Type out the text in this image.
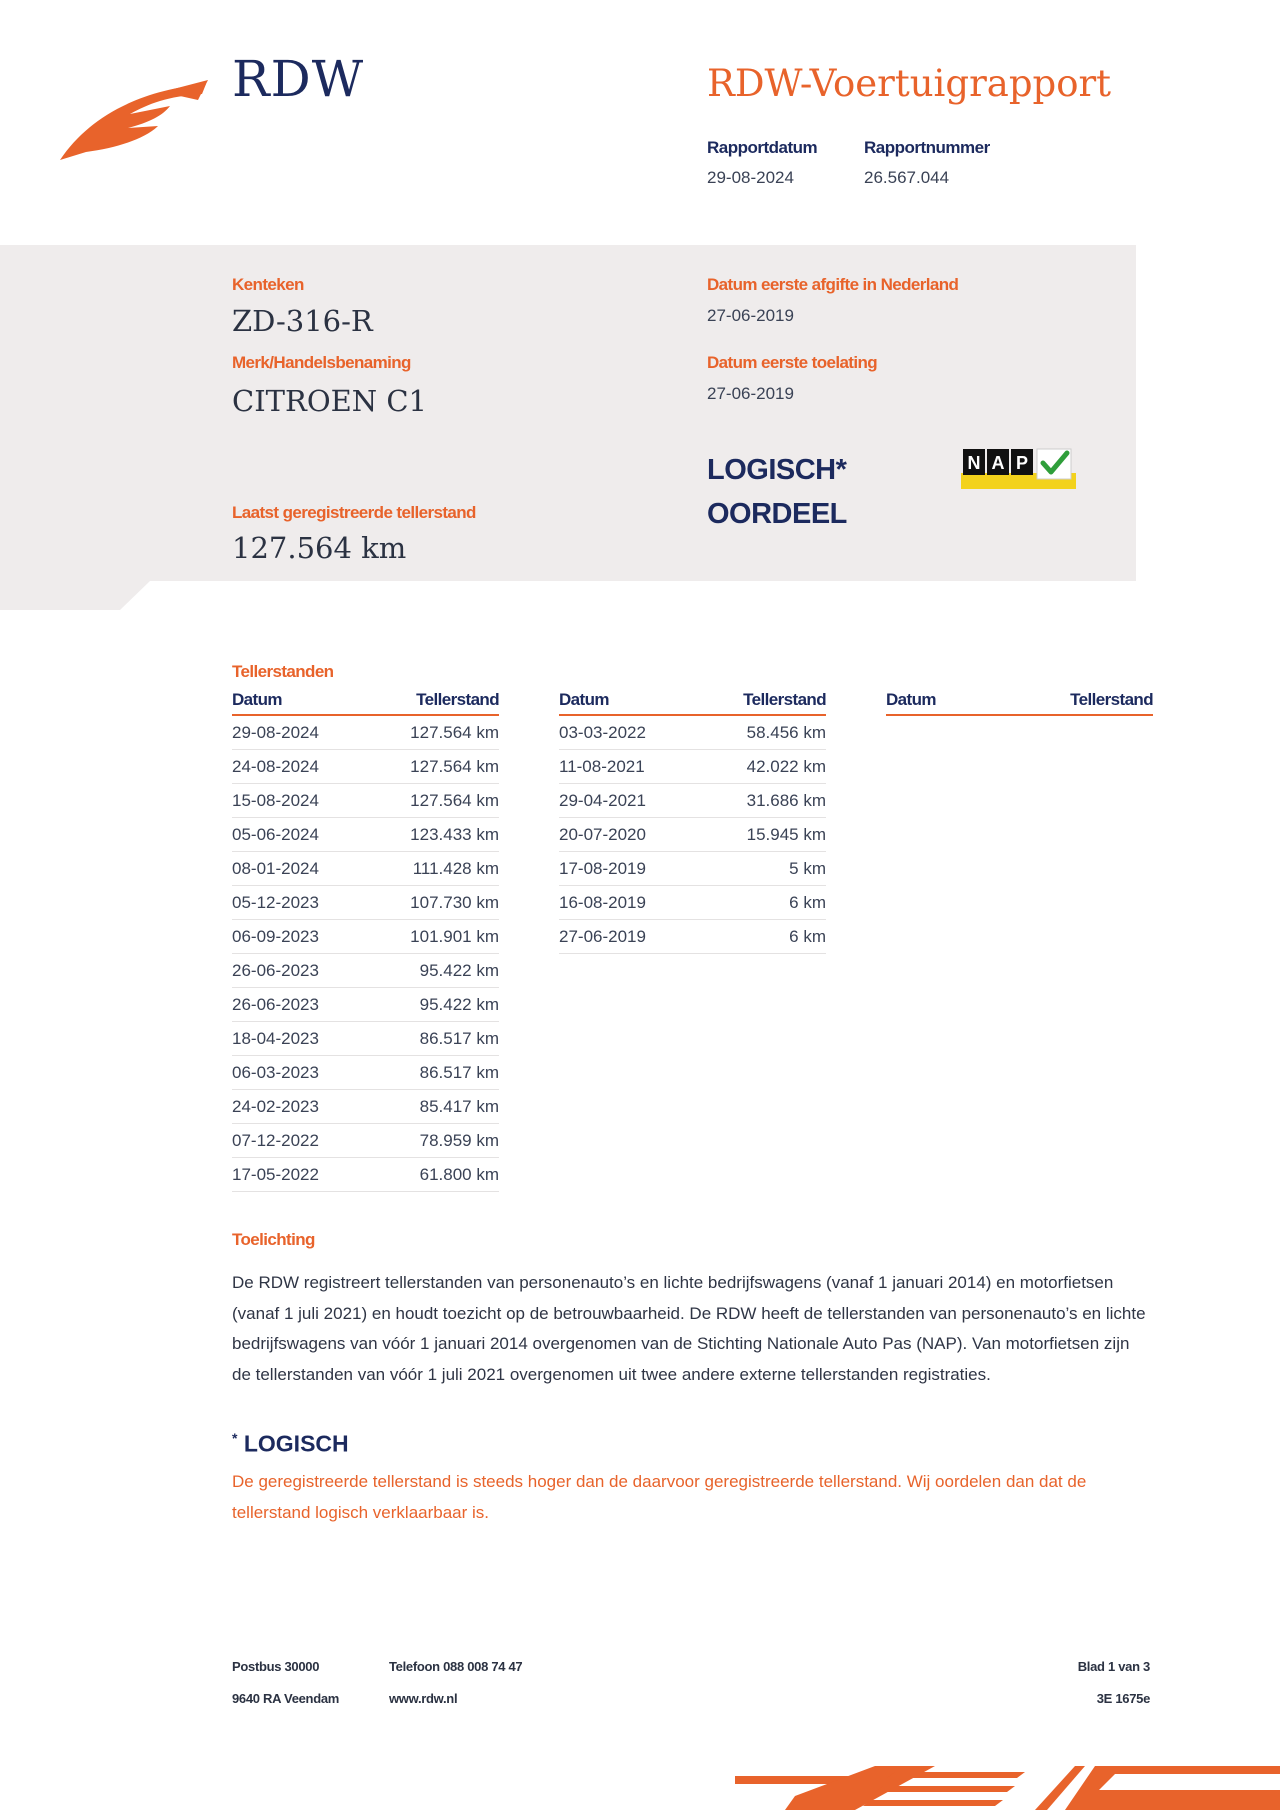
RDW	RDW-Voertuigrapport
Rapportdatum
29-08-2024
Rapportnummer
26.567.044
Kenteken
ZD-316-R
Merk/Handelsbenaming
CITROEN C1
Laatst geregistreerde tellerstand
127.564 km
Datum eerste afgifte in Nederland
27-06-2019
Datum eerste toelating
27-06-2019
LOGISCH*
OORDEEL
N A P
Tellerstanden
Datum	Tellerstand
29-08-2024	127.564 km
24-08-2024	127.564 km
15-08-2024	127.564 km
05-06-2024	123.433 km
08-01-2024	111.428 km
05-12-2023	107.730 km
06-09-2023	101.901 km
26-06-2023	95.422 km
26-06-2023	95.422 km
18-04-2023	86.517 km
06-03-2023	86.517 km
24-02-2023	85.417 km
07-12-2022	78.959 km
17-05-2022	61.800 km
Datum	Tellerstand
03-03-2022	58.456 km
11-08-2021	42.022 km
29-04-2021	31.686 km
20-07-2020	15.945 km
17-08-2019	5 km
16-08-2019	6 km
27-06-2019	6 km
Datum	Tellerstand
Toelichting
De RDW registreert tellerstanden van personenauto’s en lichte bedrijfswagens (vanaf 1 januari 2014) en motorfietsen (vanaf 1 juli 2021) en houdt toezicht op de betrouwbaarheid. De RDW heeft de tellerstanden van personenauto’s en lichte bedrijfswagens van vóór 1 januari 2014 overgenomen van de Stichting Nationale Auto Pas (NAP). Van motorfietsen zijn de tellerstanden van vóór 1 juli 2021 overgenomen uit twee andere externe tellerstanden registraties.
* LOGISCH
De geregistreerde tellerstand is steeds hoger dan de daarvoor geregistreerde tellerstand. Wij oordelen dan dat de tellerstand logisch verklaarbaar is.
Postbus 30000
9640 RA Veendam
Telefoon 088 008 74 47
www.rdw.nl
Blad 1 van 3
3E 1675e
